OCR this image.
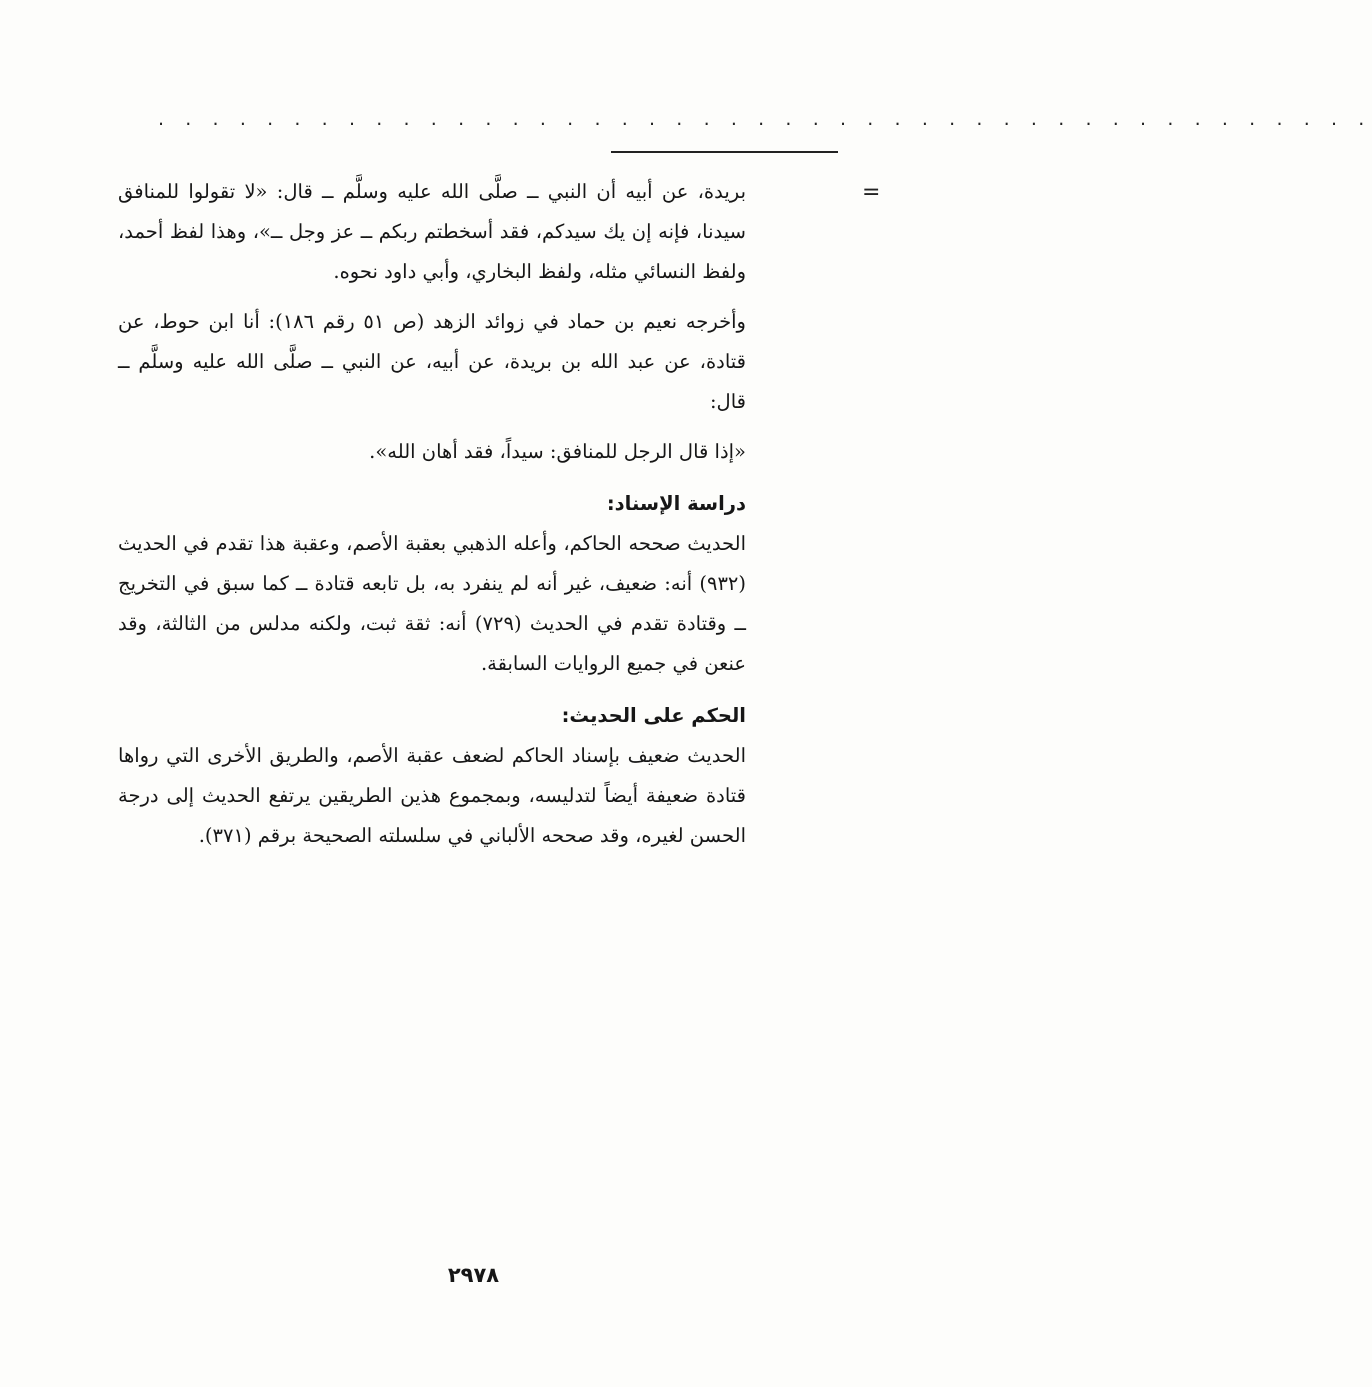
. . . . . . . . . . . . . . . . . . . . . . . . . . . . . . . . . . . . . . . . . . . . .
=

بريدة، عن أبيه أن النبي ــ صلَّى الله عليه وسلَّم ــ قال: «لا تقولوا للمنافق سيدنا، فإنه إن يك سيدكم، فقد أسخطتم ربكم ــ عز وجل ــ»، وهذا لفظ أحمد، ولفظ النسائي مثله، ولفظ البخاري، وأبي داود نحوه.

وأخرجه نعيم بن حماد في زوائد الزهد (ص ٥١ رقم ١٨٦): أنا ابن حوط، عن قتادة، عن عبد الله بن بريدة، عن أبيه، عن النبي ــ صلَّى الله عليه وسلَّم ــ قال:

«إذا قال الرجل للمنافق: سيداً، فقد أهان الله».

دراسة الإسناد:

الحديث صححه الحاكم، وأعله الذهبي بعقبة الأصم، وعقبة هذا تقدم في الحديث (٩٣٢) أنه: ضعيف، غير أنه لم ينفرد به، بل تابعه قتادة ــ كما سبق في التخريج ــ وقتادة تقدم في الحديث (٧٢٩) أنه: ثقة ثبت، ولكنه مدلس من الثالثة، وقد عنعن في جميع الروايات السابقة.

الحكم على الحديث:

الحديث ضعيف بإسناد الحاكم لضعف عقبة الأصم، والطريق الأخرى التي رواها قتادة ضعيفة أيضاً لتدليسه، وبمجموع هذين الطريقين يرتفع الحديث إلى درجة الحسن لغيره، وقد صححه الألباني في سلسلته الصحيحة برقم (٣٧١).

٢٩٧٨
